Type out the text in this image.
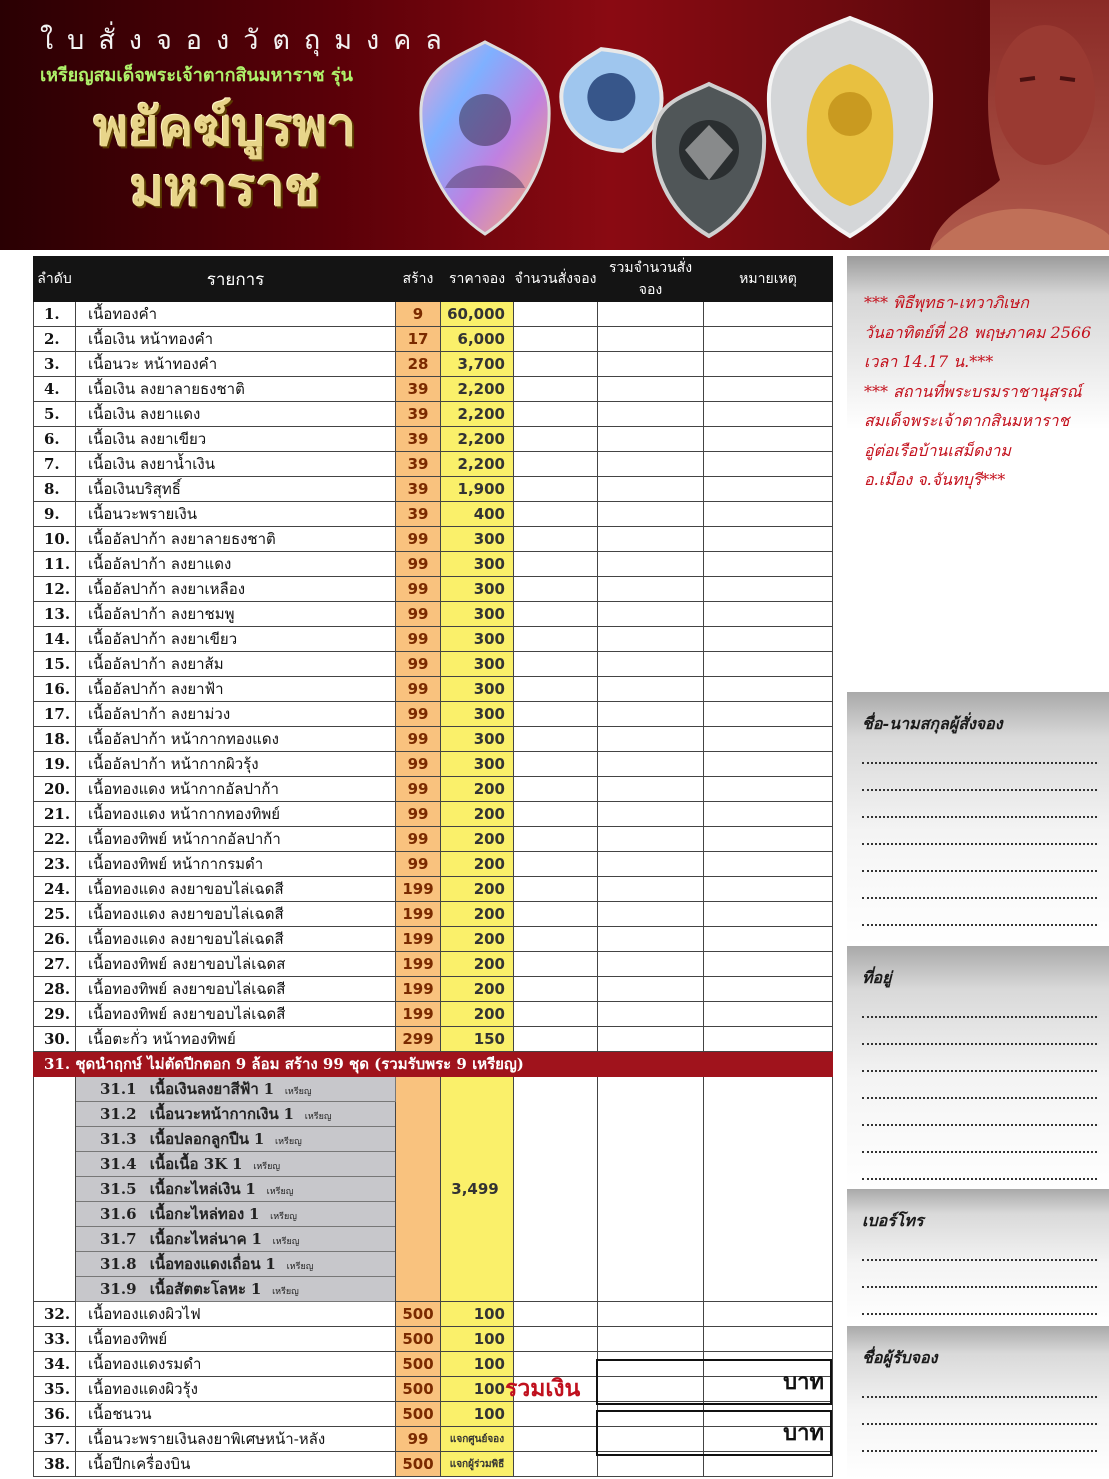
ใบสั่งจองวัตถุมงคล
เหรียญสมเด็จพระเจ้าตากสินมหาราช รุ่น
พยัคฆ์บูรพา มหาราช
ลำดับ	รายการ	สร้าง	ราคาจอง	จำนวนสั่งจอง	รวมจำนวนสั่งจอง	หมายเหตุ
1.	เนื้อทองคำ	9	60,000			
2.	เนื้อเงิน หน้าทองคำ	17	6,000			
3.	เนื้อนวะ หน้าทองคำ	28	3,700			
4.	เนื้อเงิน ลงยาลายธงชาติ	39	2,200			
5.	เนื้อเงิน ลงยาแดง	39	2,200			
6.	เนื้อเงิน ลงยาเขียว	39	2,200			
7.	เนื้อเงิน ลงยาน้ำเงิน	39	2,200			
8.	เนื้อเงินบริสุทธิ์	39	1,900			
9.	เนื้อนวะพรายเงิน	39	400			
10.	เนื้ออัลปาก้า ลงยาลายธงชาติ	99	300			
11.	เนื้ออัลปาก้า ลงยาแดง	99	300			
12.	เนื้ออัลปาก้า ลงยาเหลือง	99	300			
13.	เนื้ออัลปาก้า ลงยาชมพู	99	300			
14.	เนื้ออัลปาก้า ลงยาเขียว	99	300			
15.	เนื้ออัลปาก้า ลงยาส้ม	99	300			
16.	เนื้ออัลปาก้า ลงยาฟ้า	99	300			
17.	เนื้ออัลปาก้า ลงยาม่วง	99	300			
18.	เนื้ออัลปาก้า หน้ากากทองแดง	99	300			
19.	เนื้ออัลปาก้า หน้ากากผิวรุ้ง	99	300			
20.	เนื้อทองแดง หน้ากากอัลปาก้า	99	200			
21.	เนื้อทองแดง หน้ากากทองทิพย์	99	200			
22.	เนื้อทองทิพย์ หน้ากากอัลปาก้า	99	200			
23.	เนื้อทองทิพย์ หน้ากากรมดำ	99	200			
24.	เนื้อทองแดง ลงยาขอบไล่เฉดสี	199	200			
25.	เนื้อทองแดง ลงยาขอบไล่เฉดสี	199	200			
26.	เนื้อทองแดง ลงยาขอบไล่เฉดสี	199	200			
27.	เนื้อทองทิพย์ ลงยาขอบไล่เฉดส	199	200			
28.	เนื้อทองทิพย์ ลงยาขอบไล่เฉดสี	199	200			
29.	เนื้อทองทิพย์ ลงยาขอบไล่เฉดสี	199	200			
30.	เนื้อตะกั่ว หน้าทองทิพย์	299	150			
31. ชุดนำฤกษ์ ไม่ตัดปีกตอก 9 ล้อม สร้าง 99 ชุด (รวมรับพระ 9 เหรียญ)						
	31.1 เนื้อเงินลงยาสีฟ้า 1 เหรียญ		3,499			
	31.2 เนื้อนวะหน้ากากเงิน 1 เหรียญ					
	31.3 เนื้อปลอกลูกปืน 1 เหรียญ					
	31.4 เนื้อเนื้อ 3K 1 เหรียญ					
	31.5 เนื้อกะไหล่เงิน 1 เหรียญ					
	31.6 เนื้อกะไหล่ทอง 1 เหรียญ					
	31.7 เนื้อกะไหล่นาค 1 เหรียญ					
	31.8 เนื้อทองแดงเถื่อน 1 เหรียญ					
	31.9 เนื้อสัตตะโลหะ 1 เหรียญ					
32.	เนื้อทองแดงผิวไฟ	500	100			
33.	เนื้อทองทิพย์	500	100			
34.	เนื้อทองแดงรมดำ	500	100			
35.	เนื้อทองแดงผิวรุ้ง	500	100			
36.	เนื้อชนวน	500	100			
37.	เนื้อนวะพรายเงินลงยาพิเศษหน้า-หลัง	99	แจกศูนย์จอง			
38.	เนื้อปีกเครื่องบิน	500	แจกผู้ร่วมพิธี			
รวมเงิน	บาท
บาท

*** พิธีพุทธา-เทวาภิเษก

วันอาทิตย์ที่ 28 พฤษภาคม 2566

เวลา 14.17 น.***

*** สถานที่พระบรมราชานุสรณ์

สมเด็จพระเจ้าตากสินมหาราช

อู่ต่อเรือบ้านเสม็ดงาม

อ.เมือง จ.จันทบุรี***

ชื่อ-นามสกุลผู้สั่งจอง
ที่อยู่
เบอร์โทร
ชื่อผู้รับจอง
